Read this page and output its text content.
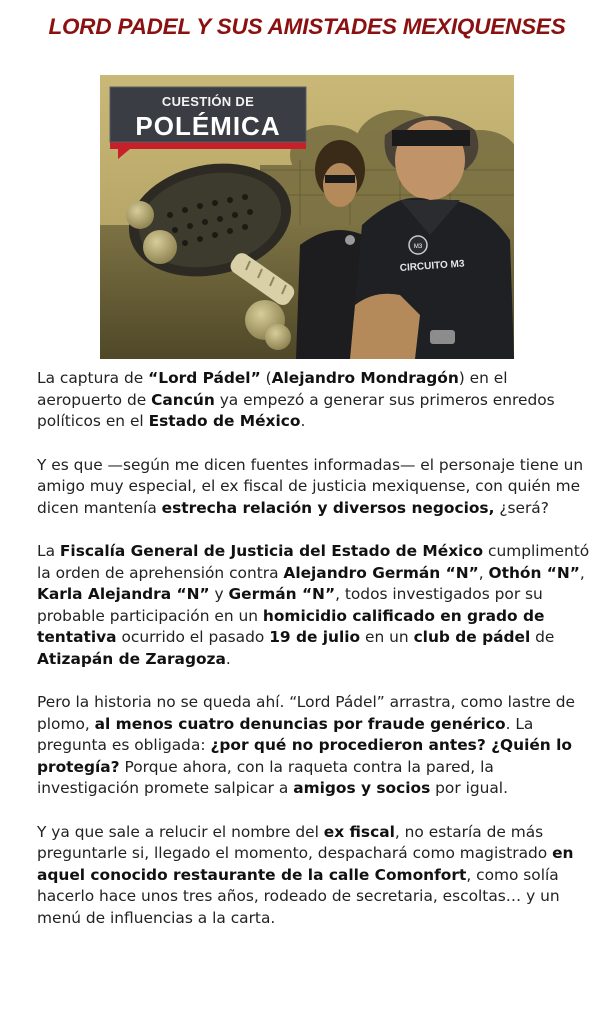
LORD PADEL Y SUS AMISTADES MEXIQUENSES
M3
CIRCUITO M3
CUESTIÓN DE
POLÉMICA

La captura de “Lord Pádel” (Alejandro Mondragón) en el aeropuerto de Cancún ya empezó a generar sus primeros enredos políticos en el Estado de México.

Y es que —según me dicen fuentes informadas— el personaje tiene un amigo muy especial, el ex fiscal de justicia mexiquense, con quién me dicen mantenía estrecha relación y diversos negocios, ¿será?

La Fiscalía General de Justicia del Estado de México cumplimentó la orden de aprehensión contra Alejandro Germán “N”, Othón “N”, Karla Alejandra “N” y Germán “N”, todos investigados por su probable participación en un homicidio calificado en grado de tentativa ocurrido el pasado 19 de julio en un club de pádel de Atizapán de Zaragoza.

Pero la historia no se queda ahí. “Lord Pádel” arrastra, como lastre de plomo, al menos cuatro denuncias por fraude genérico. La pregunta es obligada: ¿por qué no procedieron antes? ¿Quién lo protegía? Porque ahora, con la raqueta contra la pared, la investigación promete salpicar a amigos y socios por igual.

Y ya que sale a relucir el nombre del ex fiscal, no estaría de más preguntarle si, llegado el momento, despachará como magistrado en aquel conocido restaurante de la calle Comonfort, como solía hacerlo hace unos tres años, rodeado de secretaria, escoltas… y un menú de influencias a la carta.
